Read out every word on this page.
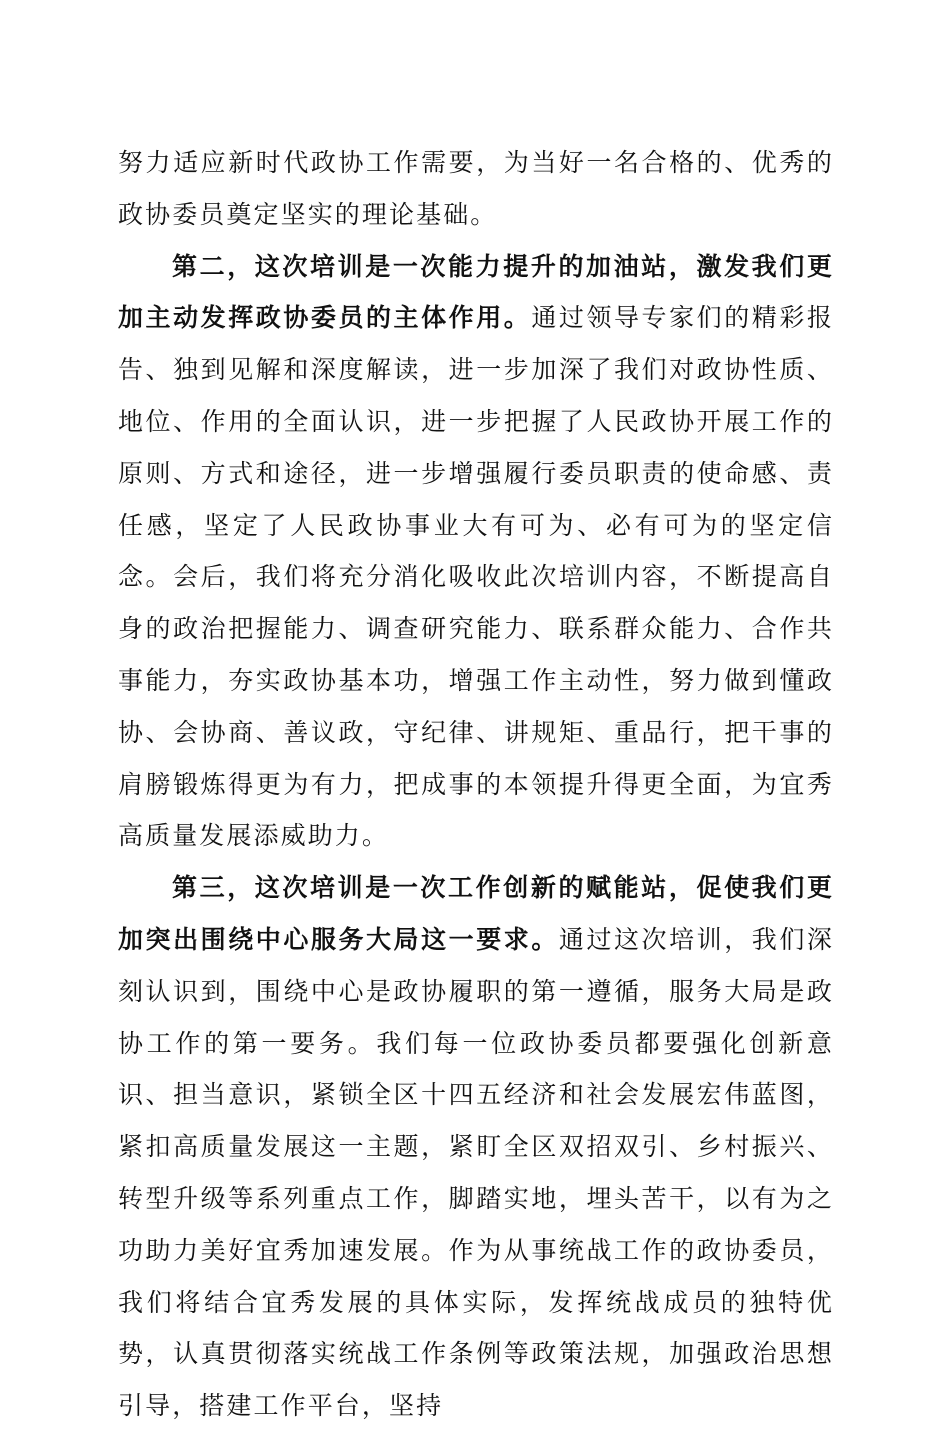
努力适应新时代政协工作需要，为当好一名合格的、优秀的政协委员奠定坚实的理论基础。

第二，这次培训是一次能力提升的加油站，激发我们更加主动发挥政协委员的主体作用。通过领导专家们的精彩报告、独到见解和深度解读，进一步加深了我们对政协性质、地位、作用的全面认识，进一步把握了人民政协开展工作的原则、方式和途径，进一步增强履行委员职责的使命感、责任感，坚定了人民政协事业大有可为、必有可为的坚定信念。会后，我们将充分消化吸收此次培训内容，不断提高自身的政治把握能力、调查研究能力、联系群众能力、合作共事能力，夯实政协基本功，增强工作主动性，努力做到懂政协、会协商、善议政，守纪律、讲规矩、重品行，把干事的肩膀锻炼得更为有力，把成事的本领提升得更全面，为宜秀高质量发展添威助力。

第三，这次培训是一次工作创新的赋能站，促使我们更加突出围绕中心服务大局这一要求。通过这次培训，我们深刻认识到，围绕中心是政协履职的第一遵循，服务大局是政协工作的第一要务。我们每一位政协委员都要强化创新意识、担当意识，紧锁全区十四五经济和社会发展宏伟蓝图，紧扣高质量发展这一主题，紧盯全区双招双引、乡村振兴、转型升级等系列重点工作，脚踏实地，埋头苦干，以有为之功助力美好宜秀加速发展。作为从事统战工作的政协委员，我们将结合宜秀发展的具体实际，发挥统战成员的独特优势，认真贯彻落实统战工作条例等政策法规，加强政治思想引导，搭建工作平台，坚持
